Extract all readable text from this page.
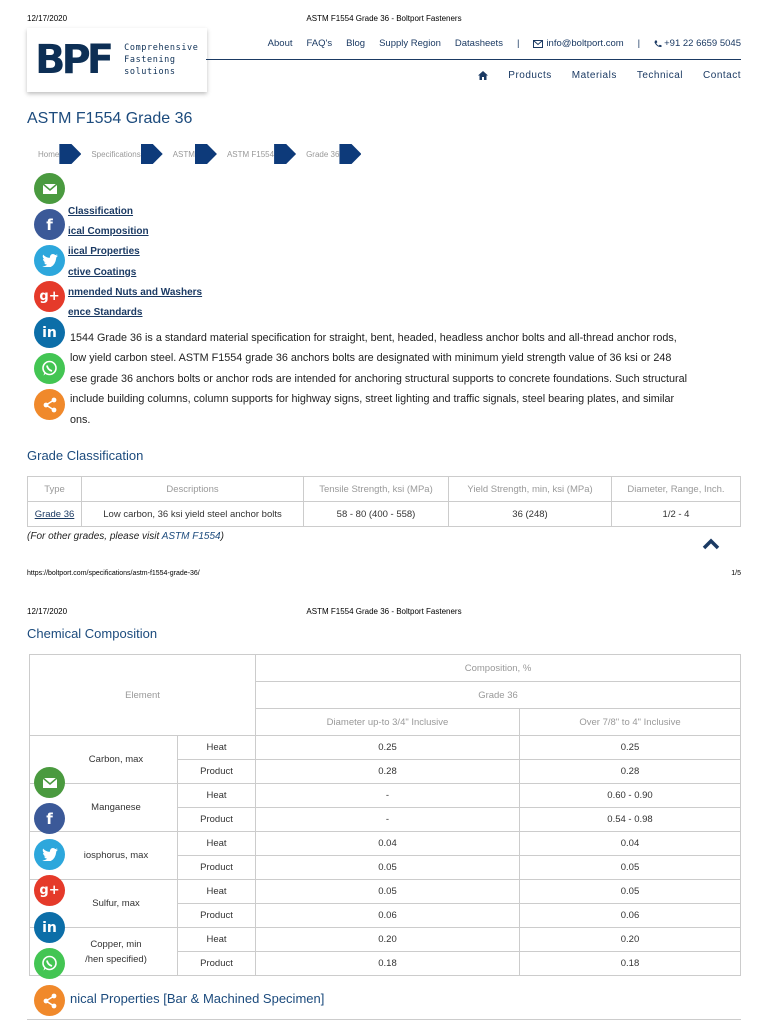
12/17/2020	ASTM F1554 Grade 36 - Boltport Fasteners
BPF Comprehensive
Fastening
solutions
About FAQ's Blog Supply Region Datasheets |	info@boltport.com |	+91 22 6659 5045
Products Materials Technical Contact
ASTM F1554 Grade 36
Home	Specifications	ASTM	ASTM F1554	Grade 36
Classification
ical Composition
iical Properties
ctive Coatings
nmended Nuts and Washers
ence Standards

1544 Grade 36 is a standard material specification for straight, bent, headed, headless anchor bolts and all-thread anchor rods,

low yield carbon steel. ASTM F1554 grade 36 anchors bolts are designated with minimum yield strength value of 36 ksi or 248

ese grade 36 anchors bolts or anchor rods are intended for anchoring structural supports to concrete foundations. Such structural

include building columns, column supports for highway signs, street lighting and traffic signals, steel bearing plates, and similar

ons.

Grade Classification
Type	Descriptions	Tensile Strength, ksi (MPa)	Yield Strength, min, ksi (MPa)	Diameter, Range, Inch.
Grade 36	Low carbon, 36 ksi yield steel anchor bolts	58 - 80 (400 - 558)	36 (248)	1/2 - 4
(For other grades, please visit ASTM F1554)
https://boltport.com/specifications/astm-f1554-grade-36/	1/5
12/17/2020	ASTM F1554 Grade 36 - Boltport Fasteners
Chemical Composition
Element		Composition, %	
		Grade 36	
		Diameter up-to 3/4" Inclusive	Over 7/8" to 4" Inclusive
Carbon, max	Heat	0.25	0.25
	Product	0.28	0.28
Manganese	Heat	-	0.60 - 0.90
	Product	-	0.54 - 0.98
iosphorus, max	Heat	0.04	0.04
	Product	0.05	0.05
Sulfur, max	Heat	0.05	0.05
	Product	0.06	0.06

Copper, min
/hen specified)	Heat	0.20	0.20
	Product	0.18	0.18
nical Properties [Bar & Machined Specimen]
f
g+
in
f
g+
in
